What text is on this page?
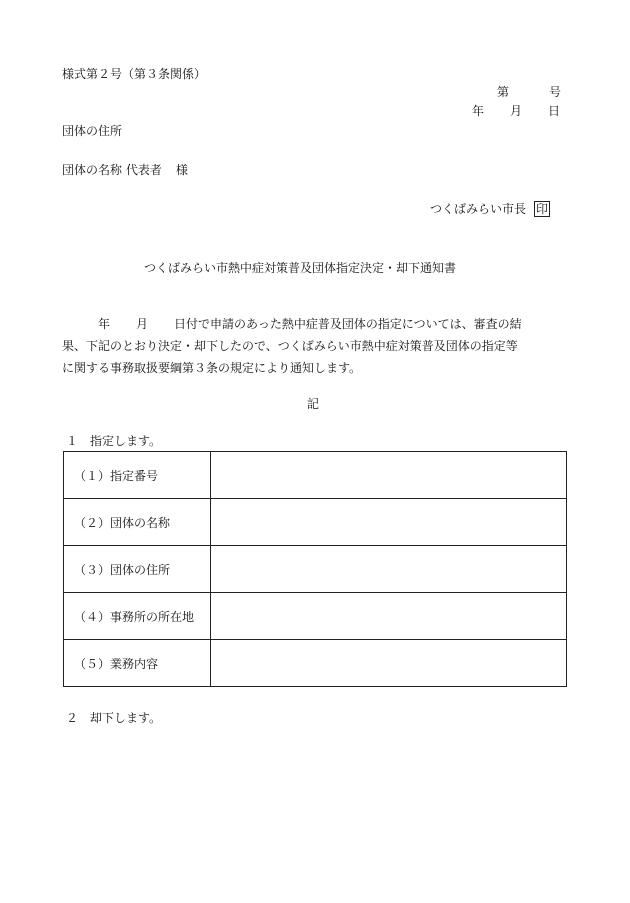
様式第２号（第３条関係）
第	号
年 月 日
団体の住所
団体の名称 代表者 様
つくばみらい市長 印
つくばみらい市熱中症対策普及団体指定決定・却下通知書
年 月 日付で申請のあった熱中症普及団体の指定については、審査の結
果、下記のとおり決定・却下したので、つくばみらい市熱中症対策普及団体の指定等
に関する事務取扱要綱第３条の規定により通知します。
記
１ 指定します。
（１）指定番号	
（２）団体の名称	
（３）団体の住所	
（４）事務所の所在地	
（５）業務内容	
２ 却下します。
